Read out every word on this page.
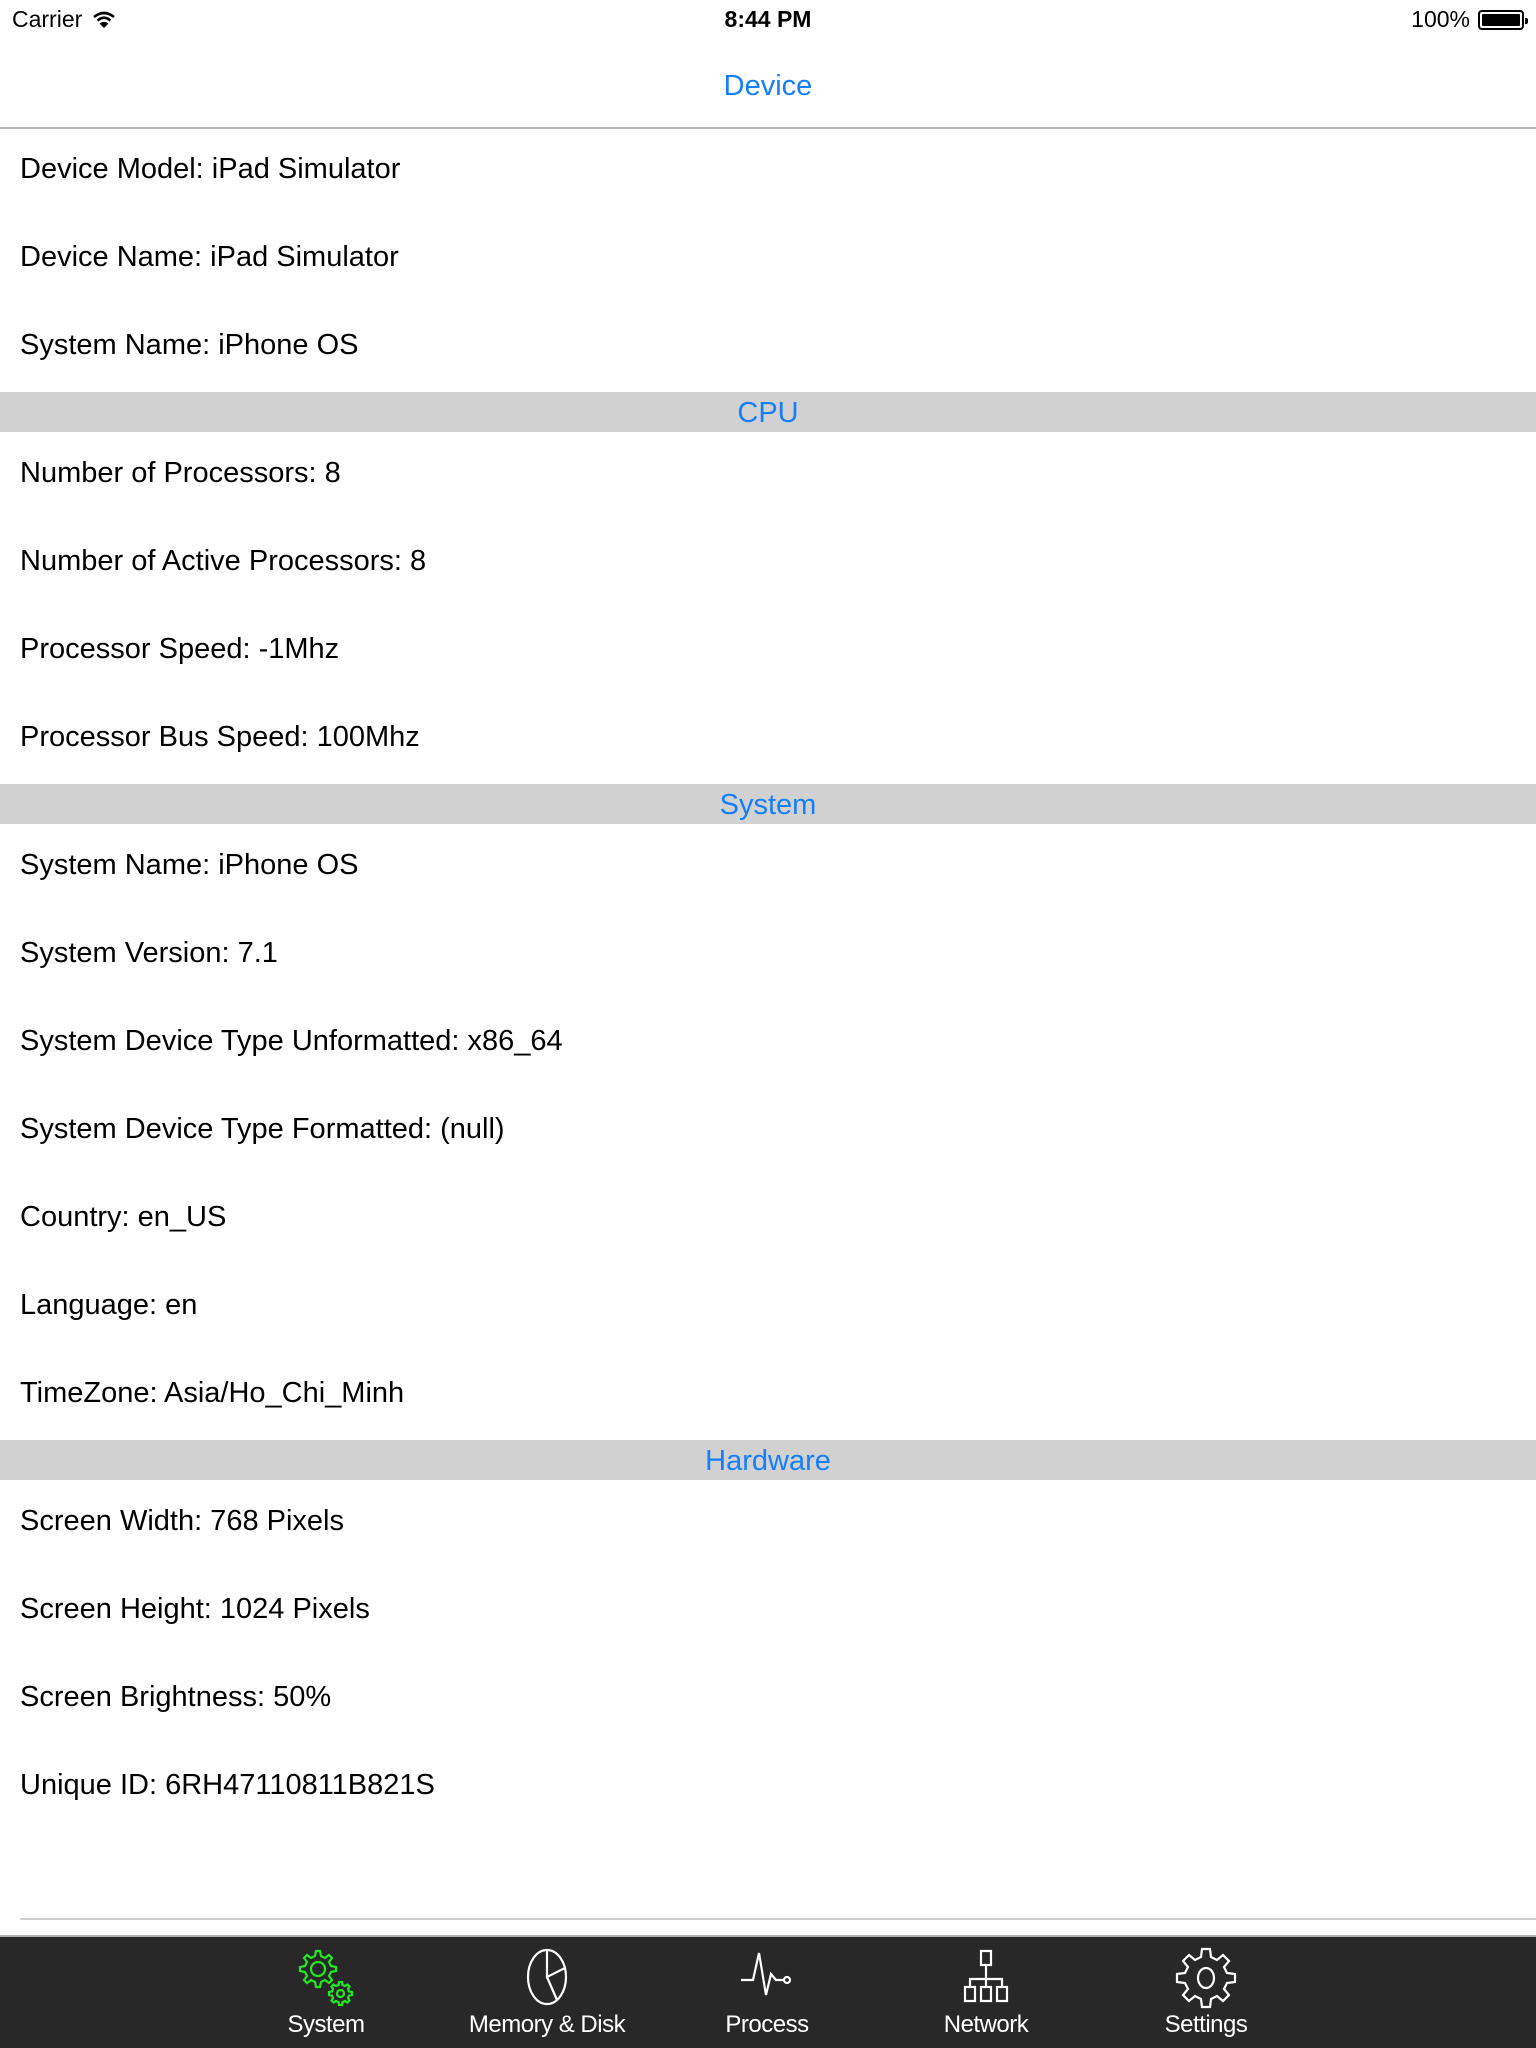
Carrier	8:44 PM	100%
Device
Device Model: iPad Simulator
Device Name: iPad Simulator
System Name: iPhone OS
CPU
Number of Processors: 8
Number of Active Processors: 8
Processor Speed: -1Mhz
Processor Bus Speed: 100Mhz
System
System Name: iPhone OS
System Version: 7.1
System Device Type Unformatted: x86_64
System Device Type Formatted: (null)
Country: en_US
Language: en
TimeZone: Asia/Ho_Chi_Minh
Hardware
Screen Width: 768 Pixels
Screen Height: 1024 Pixels
Screen Brightness: 50%
Unique ID: 6RH47110811B821S
System	Memory & Disk	Process	Network	Settings
